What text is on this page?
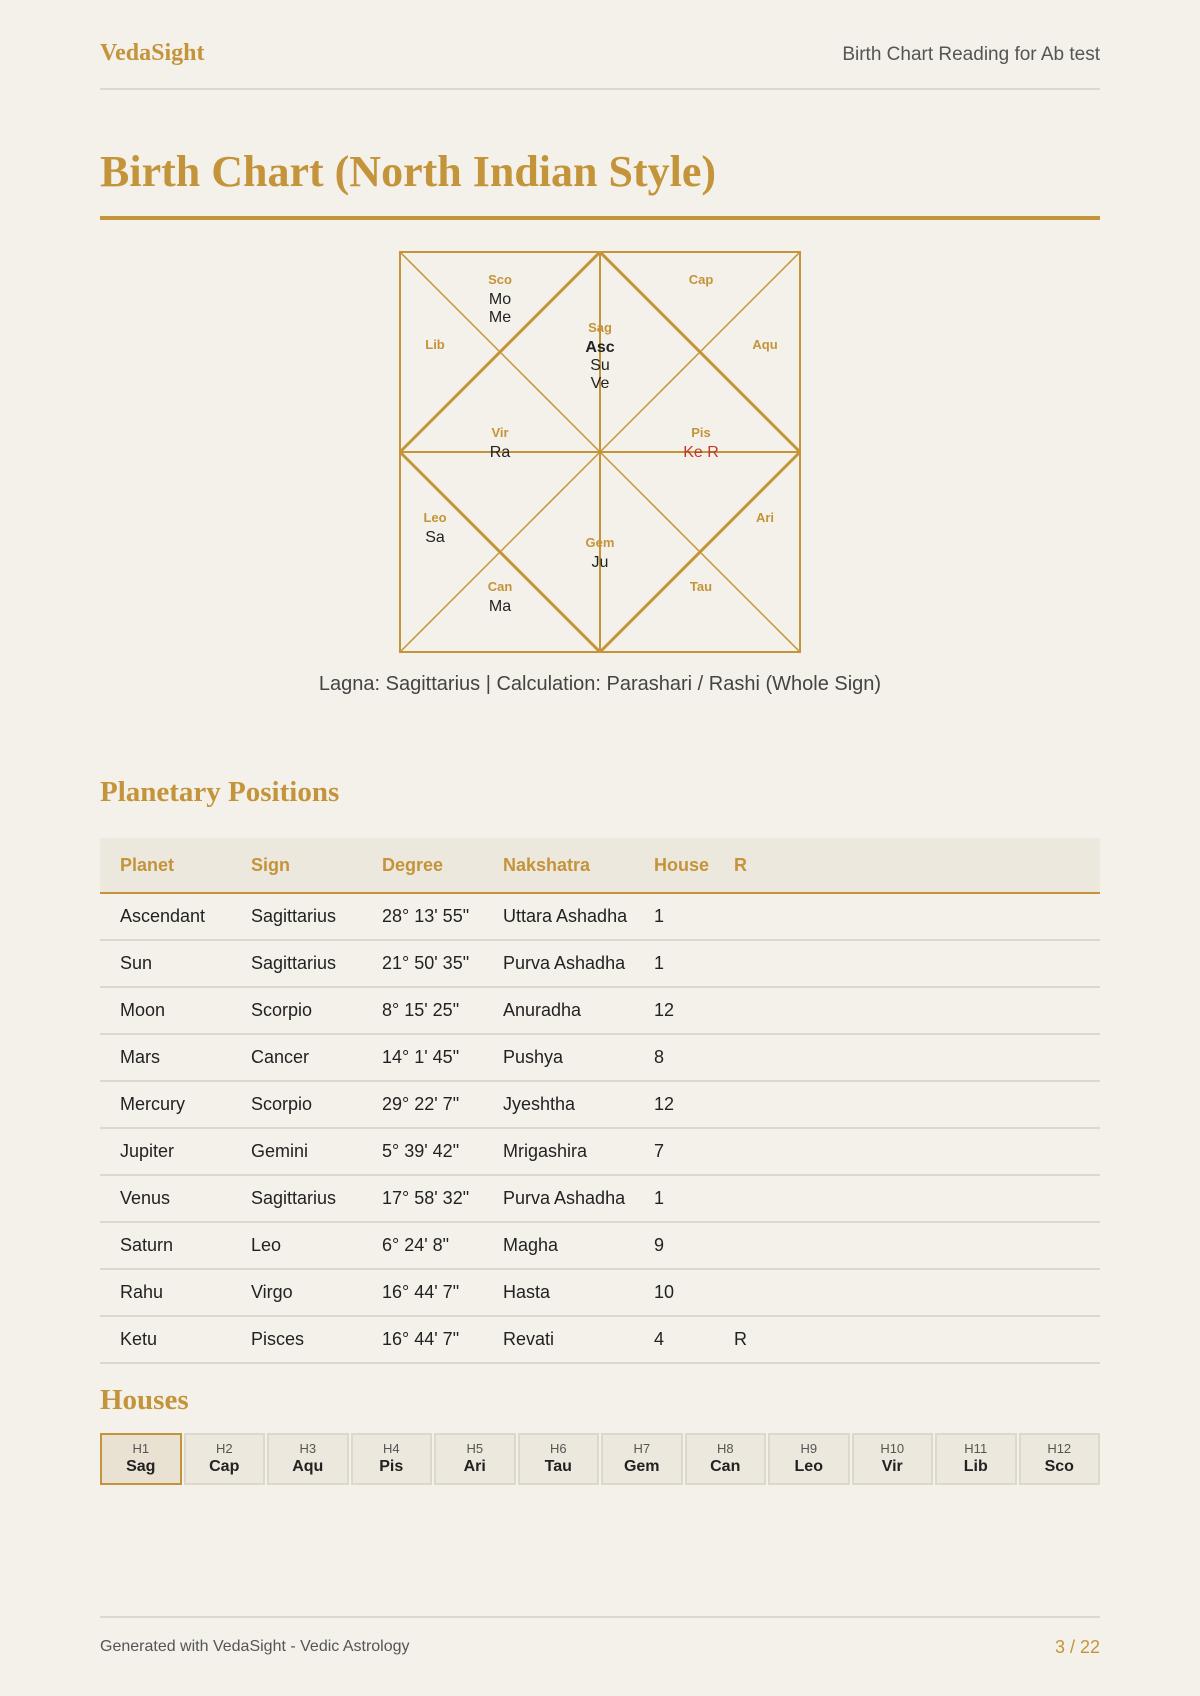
VedaSight	Birth Chart Reading for Ab test
Birth Chart (North Indian Style)
Sag
Asc
Su
Ve
Cap
Aqu
Pis
Ke R
Ari
Tau
Gem
Ju
Can
Ma
Leo
Sa
Vir
Ra
Lib
Sco
Mo
Me
Lagna: Sagittarius | Calculation: Parashari / Rashi (Whole Sign)
Planetary Positions
Planet	Sign	Degree	Nakshatra	House	R
Ascendant	Sagittarius	28° 13' 55"	Uttara Ashadha	1	
Sun	Sagittarius	21° 50' 35"	Purva Ashadha	1	
Moon	Scorpio	8° 15' 25"	Anuradha	12	
Mars	Cancer	14° 1' 45"	Pushya	8	
Mercury	Scorpio	29° 22' 7"	Jyeshtha	12	
Jupiter	Gemini	5° 39' 42"	Mrigashira	7	
Venus	Sagittarius	17° 58' 32"	Purva Ashadha	1	
Saturn	Leo	6° 24' 8"	Magha	9	
Rahu	Virgo	16° 44' 7"	Hasta	10	
Ketu	Pisces	16° 44' 7"	Revati	4	R
Houses
H1
Sag
H2
Cap
H3
Aqu
H4
Pis
H5
Ari
H6
Tau
H7
Gem
H8
Can
H9
Leo
H10
Vir
H11
Lib
H12
Sco
Generated with VedaSight - Vedic Astrology	3 / 22
